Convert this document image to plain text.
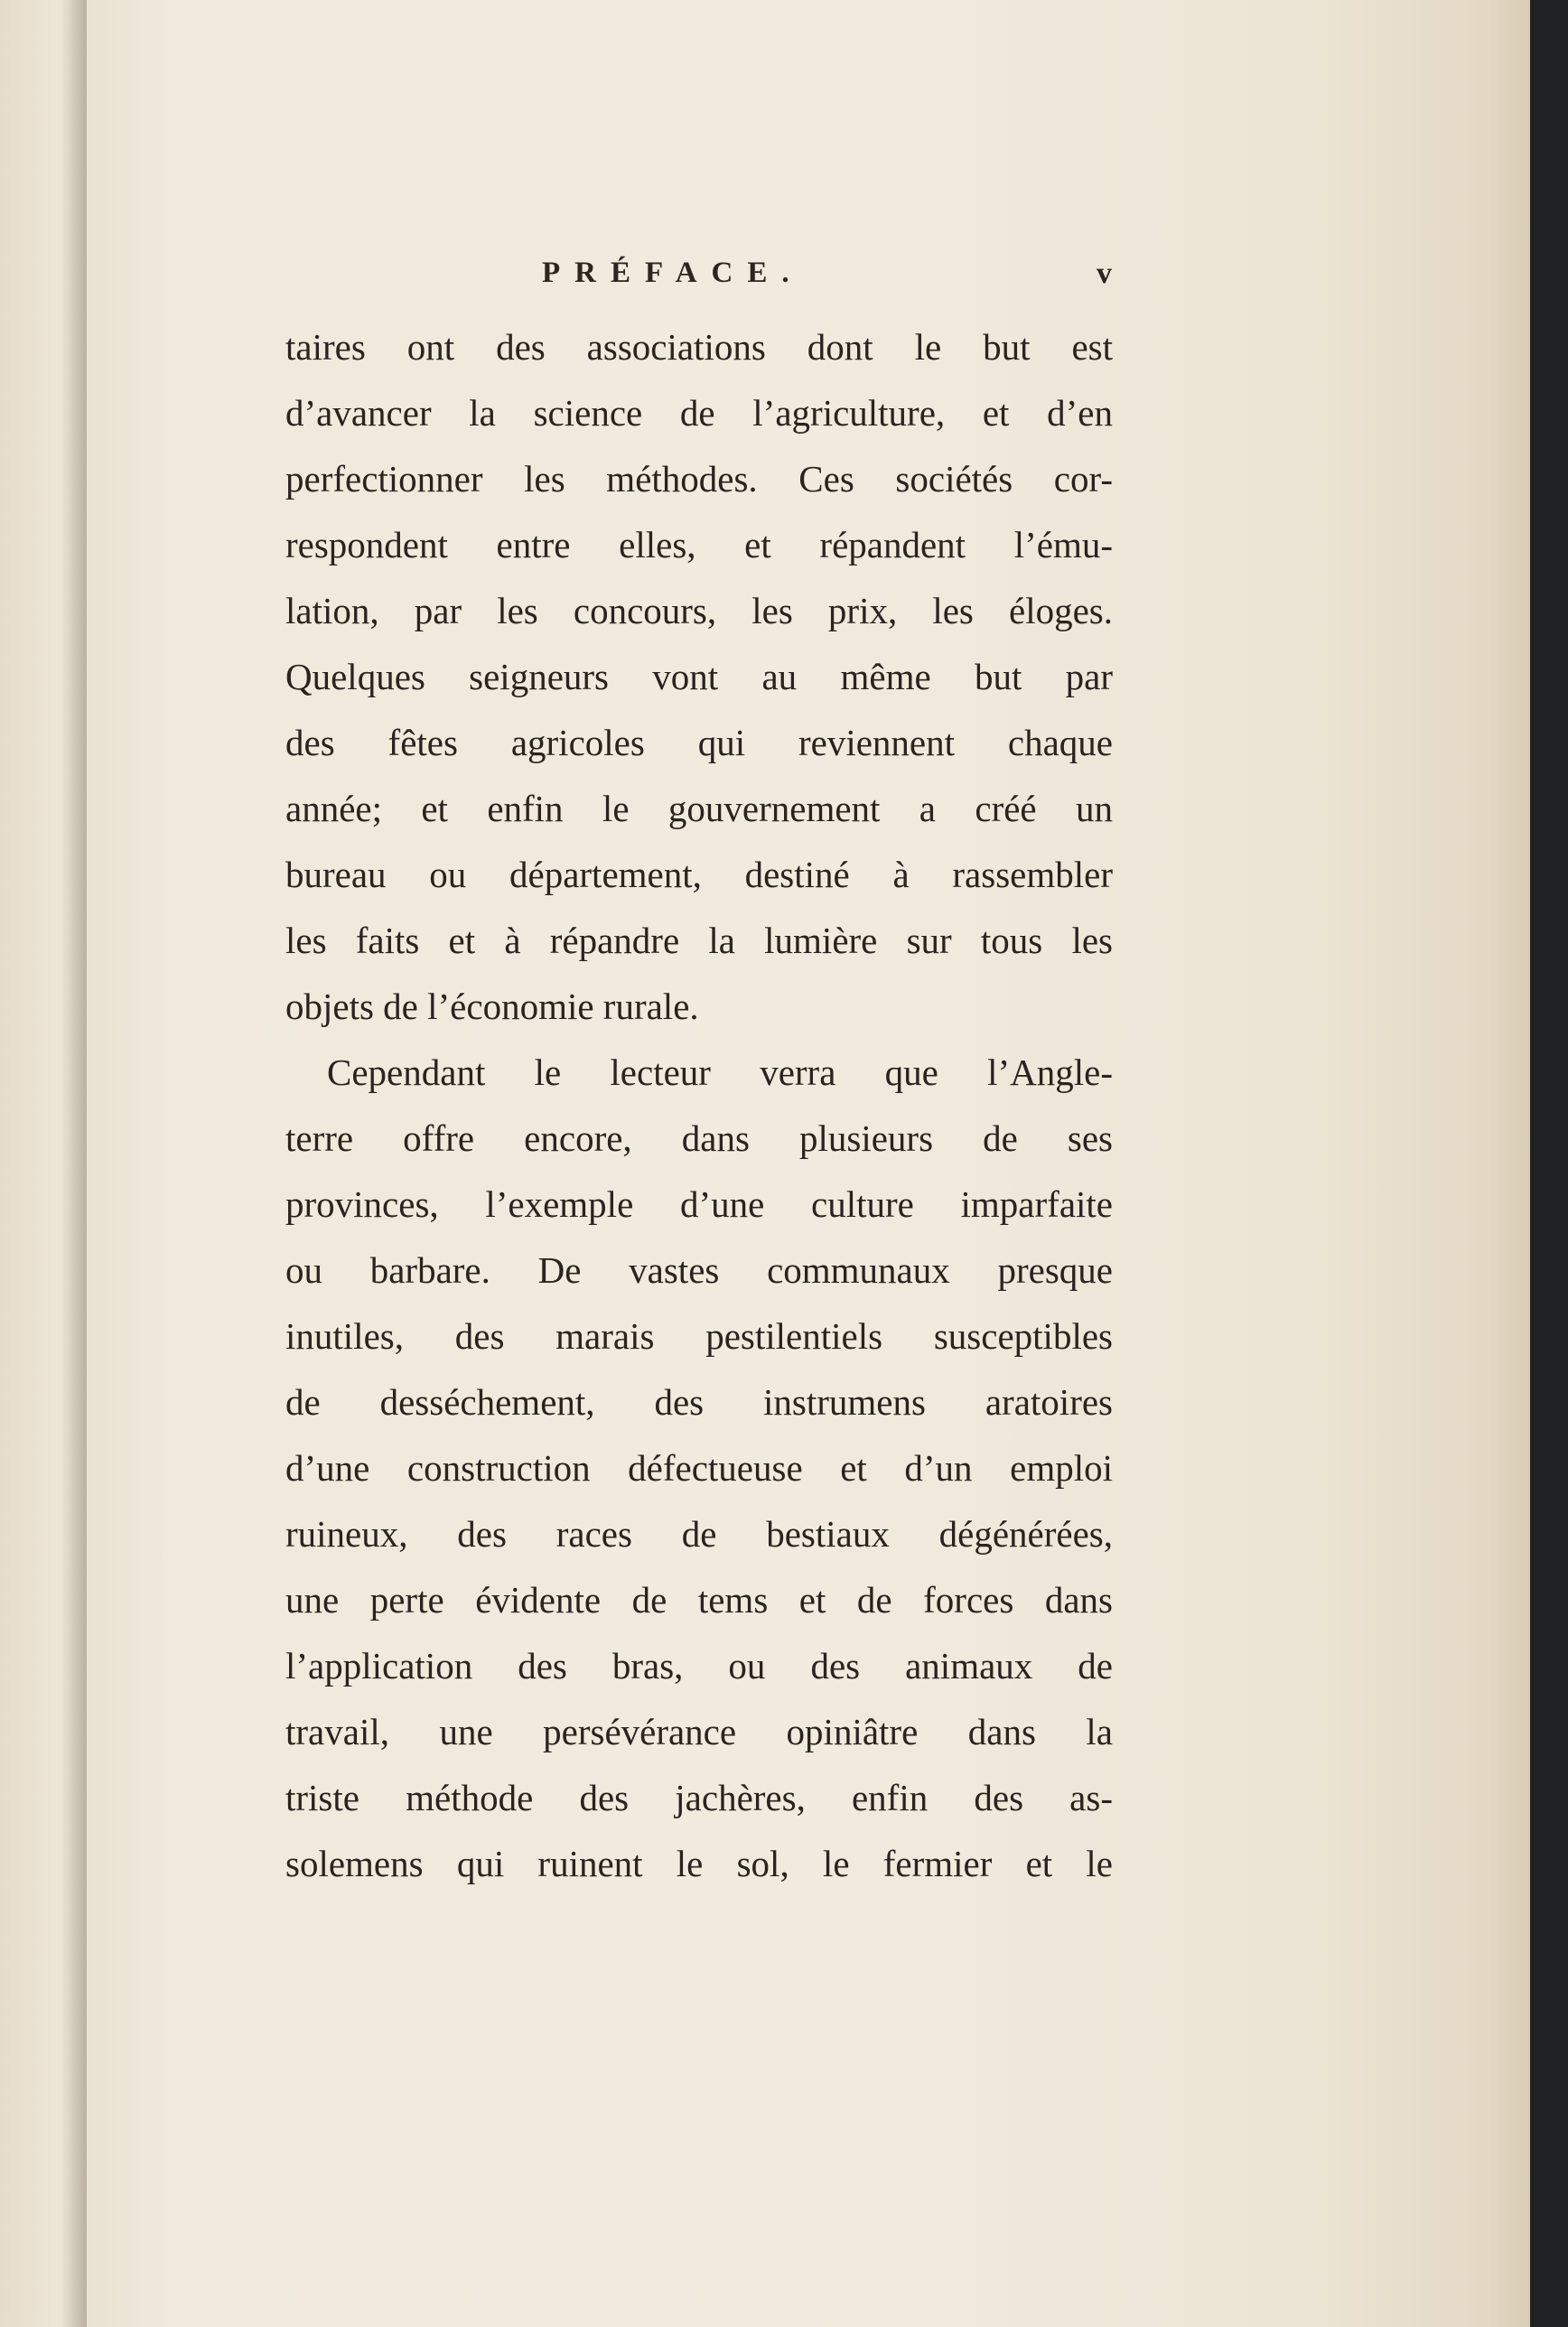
PRÉFACE.	v
taires ont des associations dont le but est
d’avancer la science de l’agriculture, et d’en
perfectionner les méthodes. Ces sociétés cor-
respondent entre elles, et répandent l’ému-
lation, par les concours, les prix, les éloges.
Quelques seigneurs vont au même but par
des fêtes agricoles qui reviennent chaque
année; et enfin le gouvernement a créé un
bureau ou département, destiné à rassembler
les faits et à répandre la lumière sur tous les
objets de l’économie rurale.
Cependant le lecteur verra que l’Angle-
terre offre encore, dans plusieurs de ses
provinces, l’exemple d’une culture imparfaite
ou barbare. De vastes communaux presque
inutiles, des marais pestilentiels susceptibles
de desséchement, des instrumens aratoires
d’une construction défectueuse et d’un emploi
ruineux, des races de bestiaux dégénérées,
une perte évidente de tems et de forces dans
l’application des bras, ou des animaux de
travail, une persévérance opiniâtre dans la
triste méthode des jachères, enfin des as-
solemens qui ruinent le sol, le fermier et le
